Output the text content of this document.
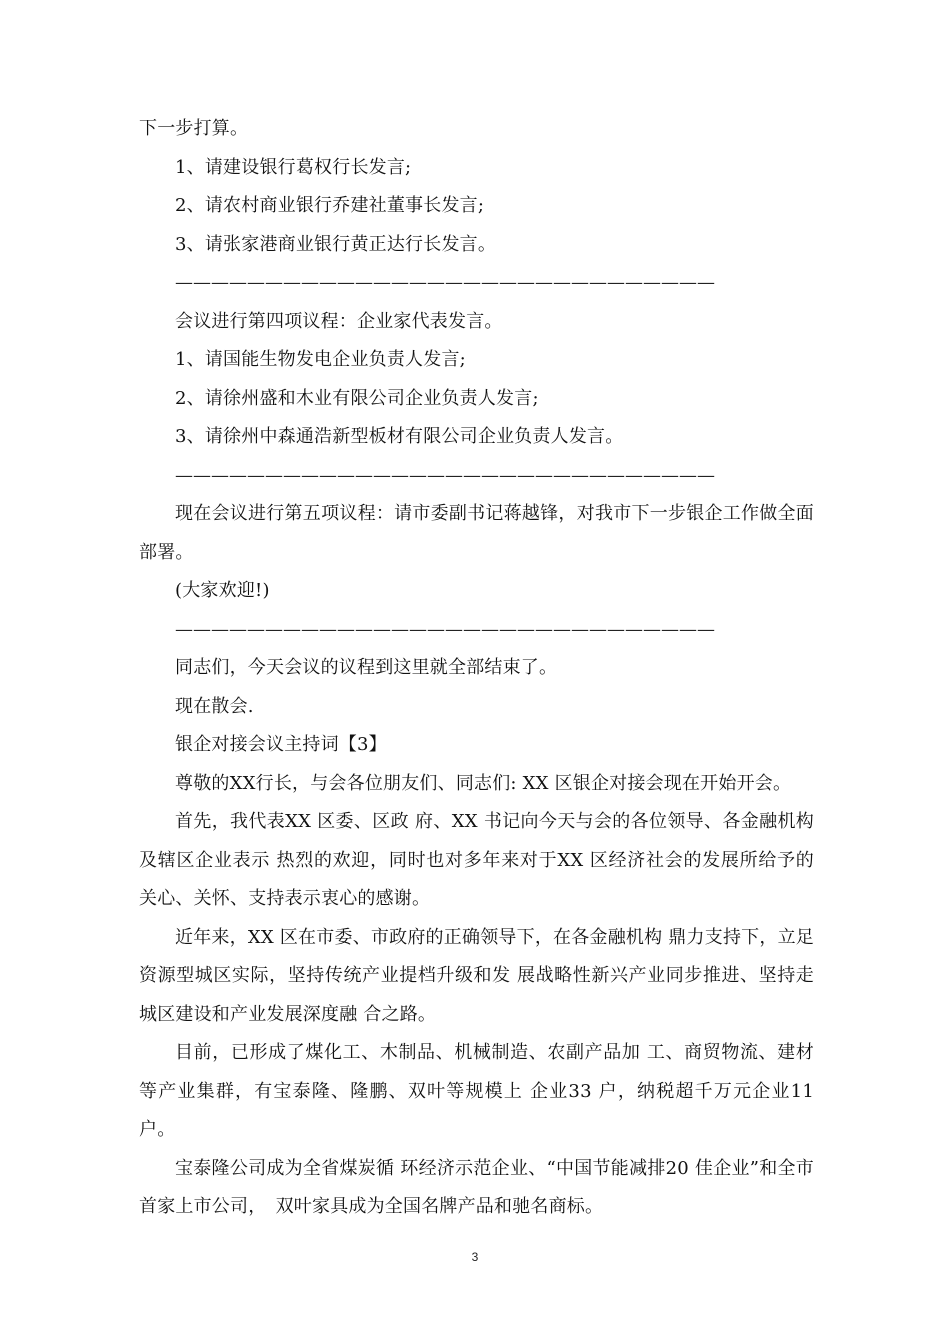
下一步打算。

1、请建设银行葛权行长发言;

2、请农村商业银行乔建社董事长发言;

3、请张家港商业银行黄正达行长发言。

——————————————————————————————

会议进行第四项议程：企业家代表发言。

1、请国能生物发电企业负责人发言;

2、请徐州盛和木业有限公司企业负责人发言;

3、请徐州中森通浩新型板材有限公司企业负责人发言。

——————————————————————————————

现在会议进行第五项议程：请市委副书记蒋越锋，对我市下一步银企工作做全面部署。

(大家欢迎!)

——————————————————————————————

同志们，今天会议的议程到这里就全部结束了。

现在散会.

银企对接会议主持词【3】

尊敬的XX行长，与会各位朋友们、同志们: XX 区银企对接会现在开始开会。

首先，我代表XX 区委、区政 府、XX 书记向今天与会的各位领导、各金融机构及辖区企业表示 热烈的欢迎，同时也对多年来对于XX 区经济社会的发展所给予的 关心、关怀、支持表示衷心的感谢。

近年来，XX 区在市委、市政府的正确领导下，在各金融机构 鼎力支持下，立足资源型城区实际，坚持传统产业提档升级和发 展战略性新兴产业同步推进、坚持走城区建设和产业发展深度融 合之路。

目前，已形成了煤化工、木制品、机械制造、农副产品加 工、商贸物流、建材等产业集群，有宝泰隆、隆鹏、双叶等规模上 企业33 户，纳税超千万元企业11 户。

宝泰隆公司成为全省煤炭循 环经济示范企业、“中国节能减排20 佳企业”和全市首家上市公司，　双叶家具成为全国名牌产品和驰名商标。

3
